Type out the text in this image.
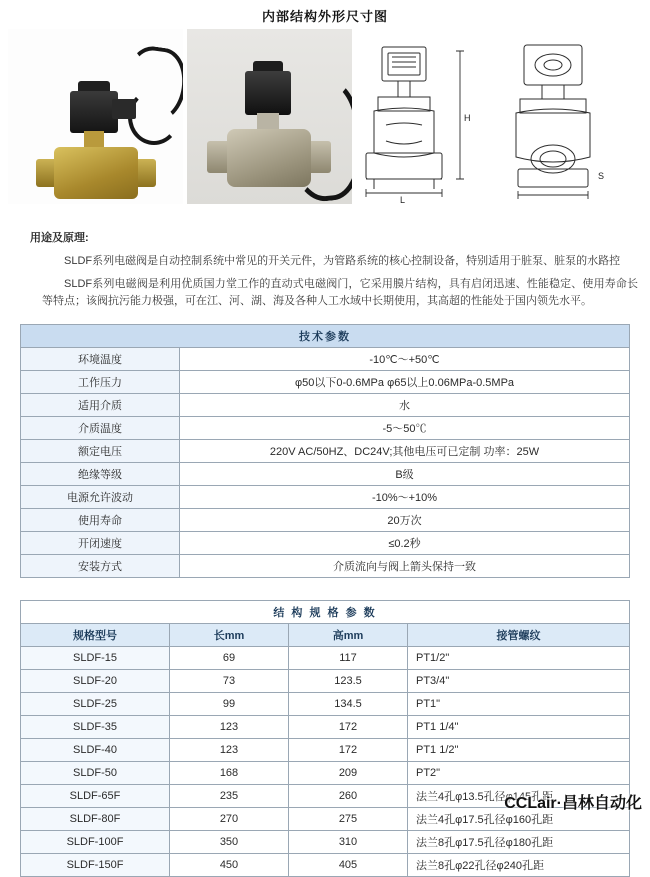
内部结构外形尺寸图
H
L
S
用途及原理:
SLDF系列电磁阀是自动控制系统中常见的开关元件，为管路系统的核心控制设备，特别适用于脏泵、脏泵的水路控
SLDF系列电磁阀是利用优质国力堂工作的直动式电磁阀门，它采用膜片结构，具有启闭迅速、性能稳定、使用寿命长等特点；该阀抗污能力极强，可在江、河、湖、海及各种人工水域中长期使用，其高超的性能处于国内领先水平。
技术参数	
环境温度	-10℃～+50℃
工作压力	φ50以下0-0.6MPa φ65以上0.06MPa-0.5MPa
适用介质	水
介质温度	-5～50℃
额定电压	220V AC/50HZ、DC24V;其他电压可已定制 功率：25W
绝缘等级	B级
电源允许波动	-10%～+10%
使用寿命	20万次
开闭速度	≤0.2秒
安装方式	介质流向与阀上箭头保持一致
结 构 规 格 参 数			
规格型号	长mm	高mm	接管螺纹
SLDF-15	69	117	PT1/2"
SLDF-20	73	123.5	PT3/4"
SLDF-25	99	134.5	PT1"
SLDF-35	123	172	PT1 1/4"
SLDF-40	123	172	PT1 1/2"
SLDF-50	168	209	PT2"
SLDF-65F	235	260	法兰4孔φ13.5孔径φ145孔距
SLDF-80F	270	275	法兰4孔φ17.5孔径φ160孔距
SLDF-100F	350	310	法兰8孔φ17.5孔径φ180孔距
SLDF-150F	450	405	法兰8孔φ22孔径φ240孔距
CCLair·昌林自动化
